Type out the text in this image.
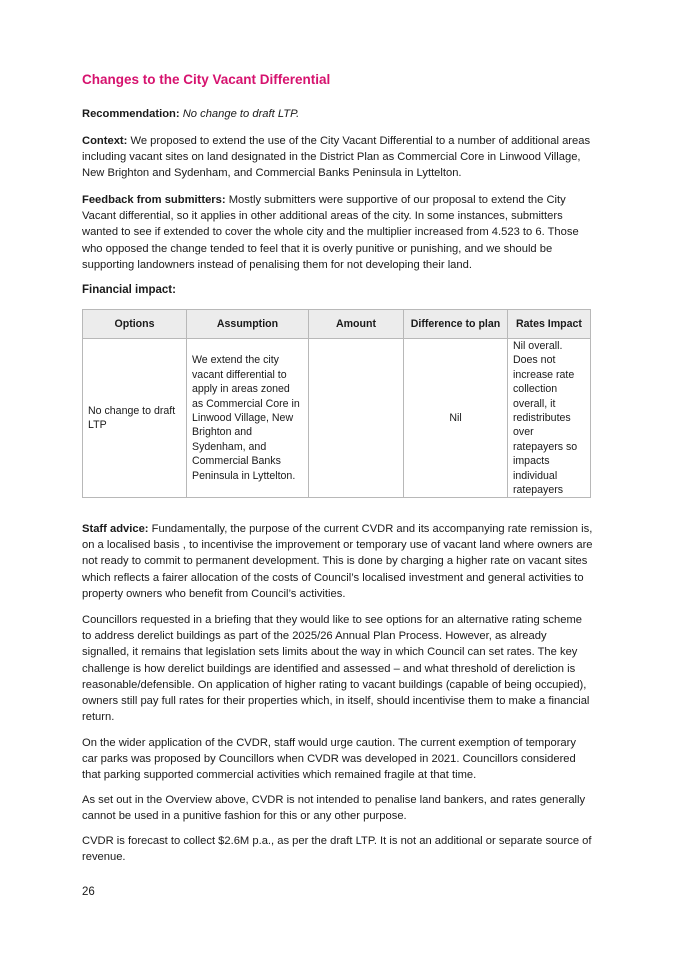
Changes to the City Vacant Differential

Recommendation: No change to draft LTP.

Context: We proposed to extend the use of the City Vacant Differential to a number of additional areas including vacant sites on land designated in the District Plan as Commercial Core in Linwood Village, New Brighton and Sydenham, and Commercial Banks Peninsula in Lyttelton.

Feedback from submitters: Mostly submitters were supportive of our proposal to extend the City Vacant differential, so it applies in other additional areas of the city. In some instances, submitters wanted to see if extended to cover the whole city and the multiplier increased from 4.523 to 6. Those who opposed the change tended to feel that it is overly punitive or punishing, and we should be supporting landowners instead of penalising them for not developing their land.

Financial impact:
Options	Assumption	Amount	Difference to plan	Rates Impact
No change to draft LTP	We extend the city vacant differential to apply in areas zoned as Commercial Core in Linwood Village, New Brighton and Sydenham, and Commercial Banks Peninsula in Lyttelton.		Nil	Nil overall. Does not increase rate collection overall, it redistributes over ratepayers so impacts individual ratepayers

Staff advice: Fundamentally, the purpose of the current CVDR and its accompanying rate remission is, on a localised basis , to incentivise the improvement or temporary use of vacant land where owners are not ready to commit to permanent development. This is done by charging a higher rate on vacant sites which reflects a fairer allocation of the costs of Council’s localised investment and general activities to property owners who benefit from Council’s activities.

Councillors requested in a briefing that they would like to see options for an alternative rating scheme to address derelict buildings as part of the 2025/26 Annual Plan Process. However, as already signalled, it remains that legislation sets limits about the way in which Council can set rates. The key challenge is how derelict buildings are identified and assessed – and what threshold of dereliction is reasonable/defensible. On application of higher rating to vacant buildings (capable of being occupied), owners still pay full rates for their properties which, in itself, should incentivise them to make a financial return.

On the wider application of the CVDR, staff would urge caution. The current exemption of temporary car parks was proposed by Councillors when CVDR was developed in 2021. Councillors considered that parking supported commercial activities which remained fragile at that time.

As set out in the Overview above, CVDR is not intended to penalise land bankers, and rates generally cannot be used in a punitive fashion for this or any other purpose.

CVDR is forecast to collect $2.6M p.a., as per the draft LTP. It is not an additional or separate source of revenue.

26
